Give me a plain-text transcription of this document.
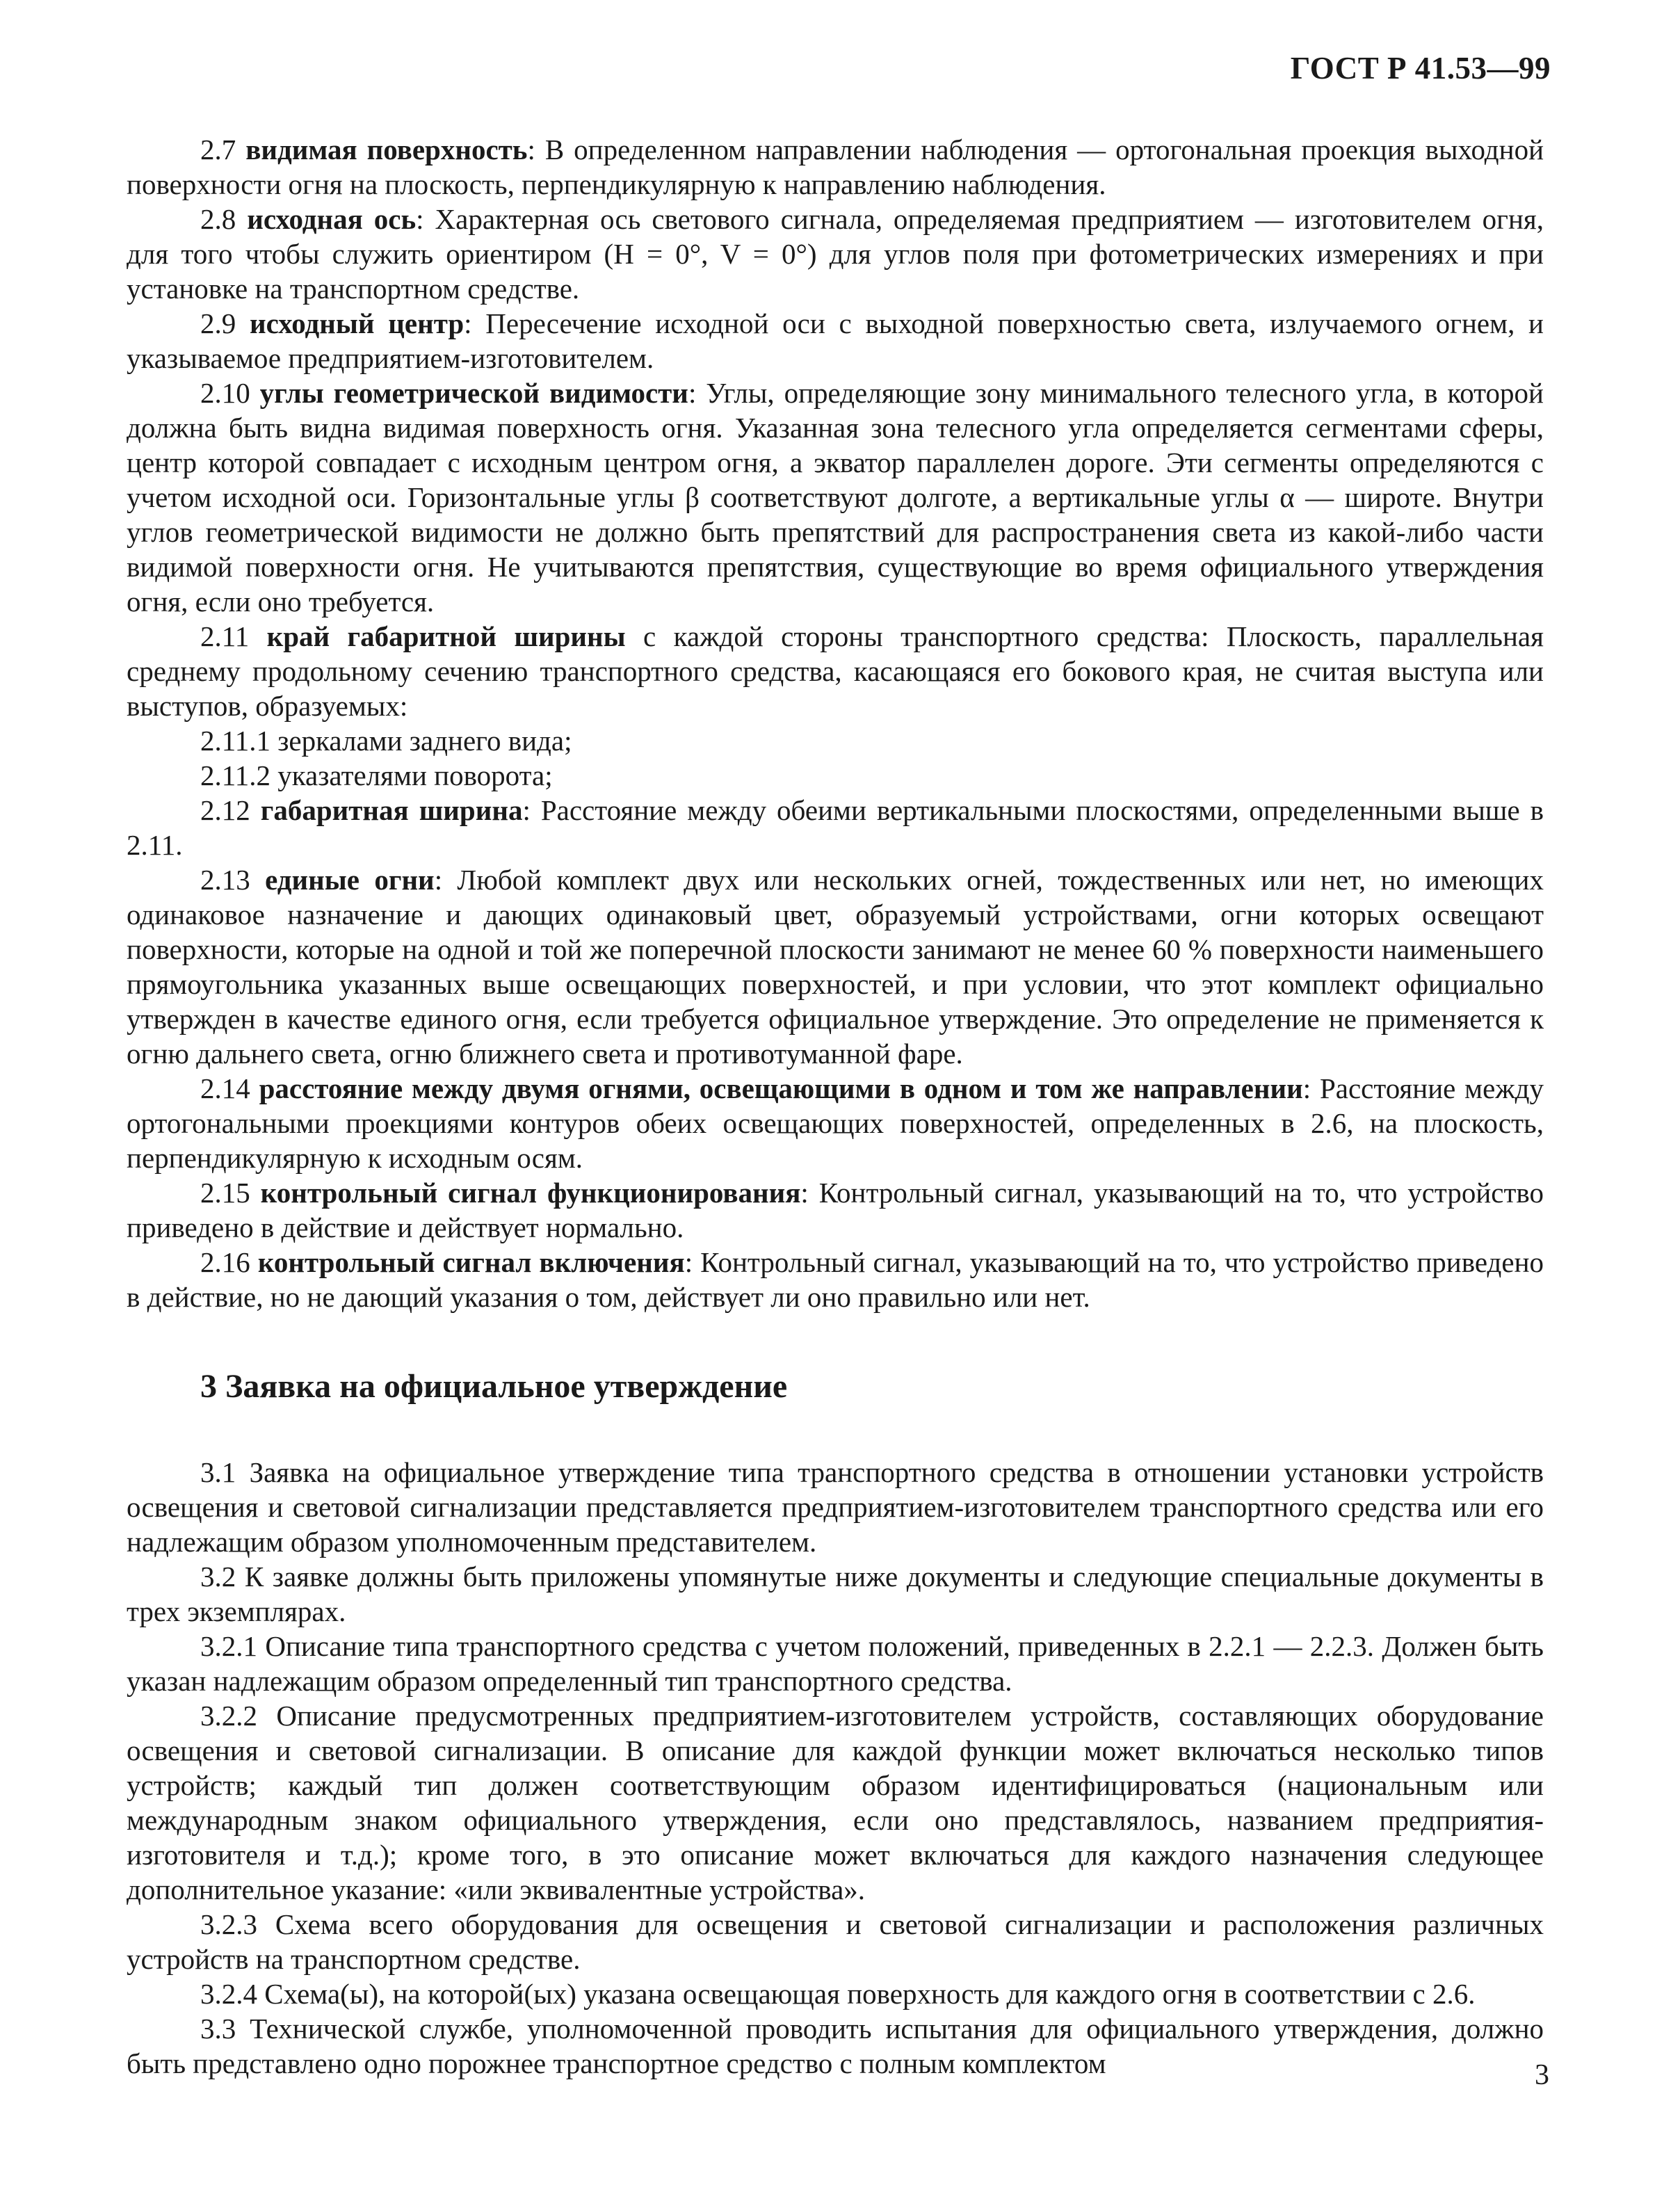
ГОСТ Р 41.53—99

2.7 видимая поверхность: В определенном направлении наблюдения — ортогональная проекция выходной поверхности огня на плоскость, перпендикулярную к направлению наблюдения.

2.8 исходная ось: Характерная ось светового сигнала, определяемая предприятием — изготовителем огня, для того чтобы служить ориентиром (H = 0°, V = 0°) для углов поля при фотометрических измерениях и при установке на транспортном средстве.

2.9 исходный центр: Пересечение исходной оси с выходной поверхностью света, излучаемого огнем, и указываемое предприятием-изготовителем.

2.10 углы геометрической видимости: Углы, определяющие зону минимального телесного угла, в которой должна быть видна видимая поверхность огня. Указанная зона телесного угла определяется сегментами сферы, центр которой совпадает с исходным центром огня, а экватор параллелен дороге. Эти сегменты определяются с учетом исходной оси. Горизонтальные углы β соответствуют долготе, а вертикальные углы α — широте. Внутри углов геометрической видимости не должно быть препятствий для распространения света из какой-либо части видимой поверхности огня. Не учитываются препятствия, существующие во время официального утверждения огня, если оно требуется.

2.11 край габаритной ширины с каждой стороны транспортного средства: Плоскость, параллельная среднему продольному сечению транспортного средства, касающаяся его бокового края, не считая выступа или выступов, образуемых:

2.11.1 зеркалами заднего вида;

2.11.2 указателями поворота;

2.12 габаритная ширина: Расстояние между обеими вертикальными плоскостями, определенными выше в 2.11.

2.13 единые огни: Любой комплект двух или нескольких огней, тождественных или нет, но имеющих одинаковое назначение и дающих одинаковый цвет, образуемый устройствами, огни которых освещают поверхности, которые на одной и той же поперечной плоскости занимают не менее 60 % поверхности наименьшего прямоугольника указанных выше освещающих поверхностей, и при условии, что этот комплект официально утвержден в качестве единого огня, если требуется официальное утверждение. Это определение не применяется к огню дальнего света, огню ближнего света и противотуманной фаре.

2.14 расстояние между двумя огнями, освещающими в одном и том же направлении: Расстояние между ортогональными проекциями контуров обеих освещающих поверхностей, определенных в 2.6, на плоскость, перпендикулярную к исходным осям.

2.15 контрольный сигнал функционирования: Контрольный сигнал, указывающий на то, что устройство приведено в действие и действует нормально.

2.16 контрольный сигнал включения: Контрольный сигнал, указывающий на то, что устройство приведено в действие, но не дающий указания о том, действует ли оно правильно или нет.

3 Заявка на официальное утверждение

3.1 Заявка на официальное утверждение типа транспортного средства в отношении установки устройств освещения и световой сигнализации представляется предприятием-изготовителем транспортного средства или его надлежащим образом уполномоченным представителем.

3.2 К заявке должны быть приложены упомянутые ниже документы и следующие специальные документы в трех экземплярах.

3.2.1 Описание типа транспортного средства с учетом положений, приведенных в 2.2.1 — 2.2.3. Должен быть указан надлежащим образом определенный тип транспортного средства.

3.2.2 Описание предусмотренных предприятием-изготовителем устройств, составляющих оборудование освещения и световой сигнализации. В описание для каждой функции может включаться несколько типов устройств; каждый тип должен соответствующим образом идентифицироваться (национальным или международным знаком официального утверждения, если оно представлялось, названием предприятия-изготовителя и т.д.); кроме того, в это описание может включаться для каждого назначения следующее дополнительное указание: «или эквивалентные устройства».

3.2.3 Схема всего оборудования для освещения и световой сигнализации и расположения различных устройств на транспортном средстве.

3.2.4 Схема(ы), на которой(ых) указана освещающая поверхность для каждого огня в соответствии с 2.6.

3.3 Технической службе, уполномоченной проводить испытания для официального утверждения, должно быть представлено одно порожнее транспортное средство с полным комплектом	3
